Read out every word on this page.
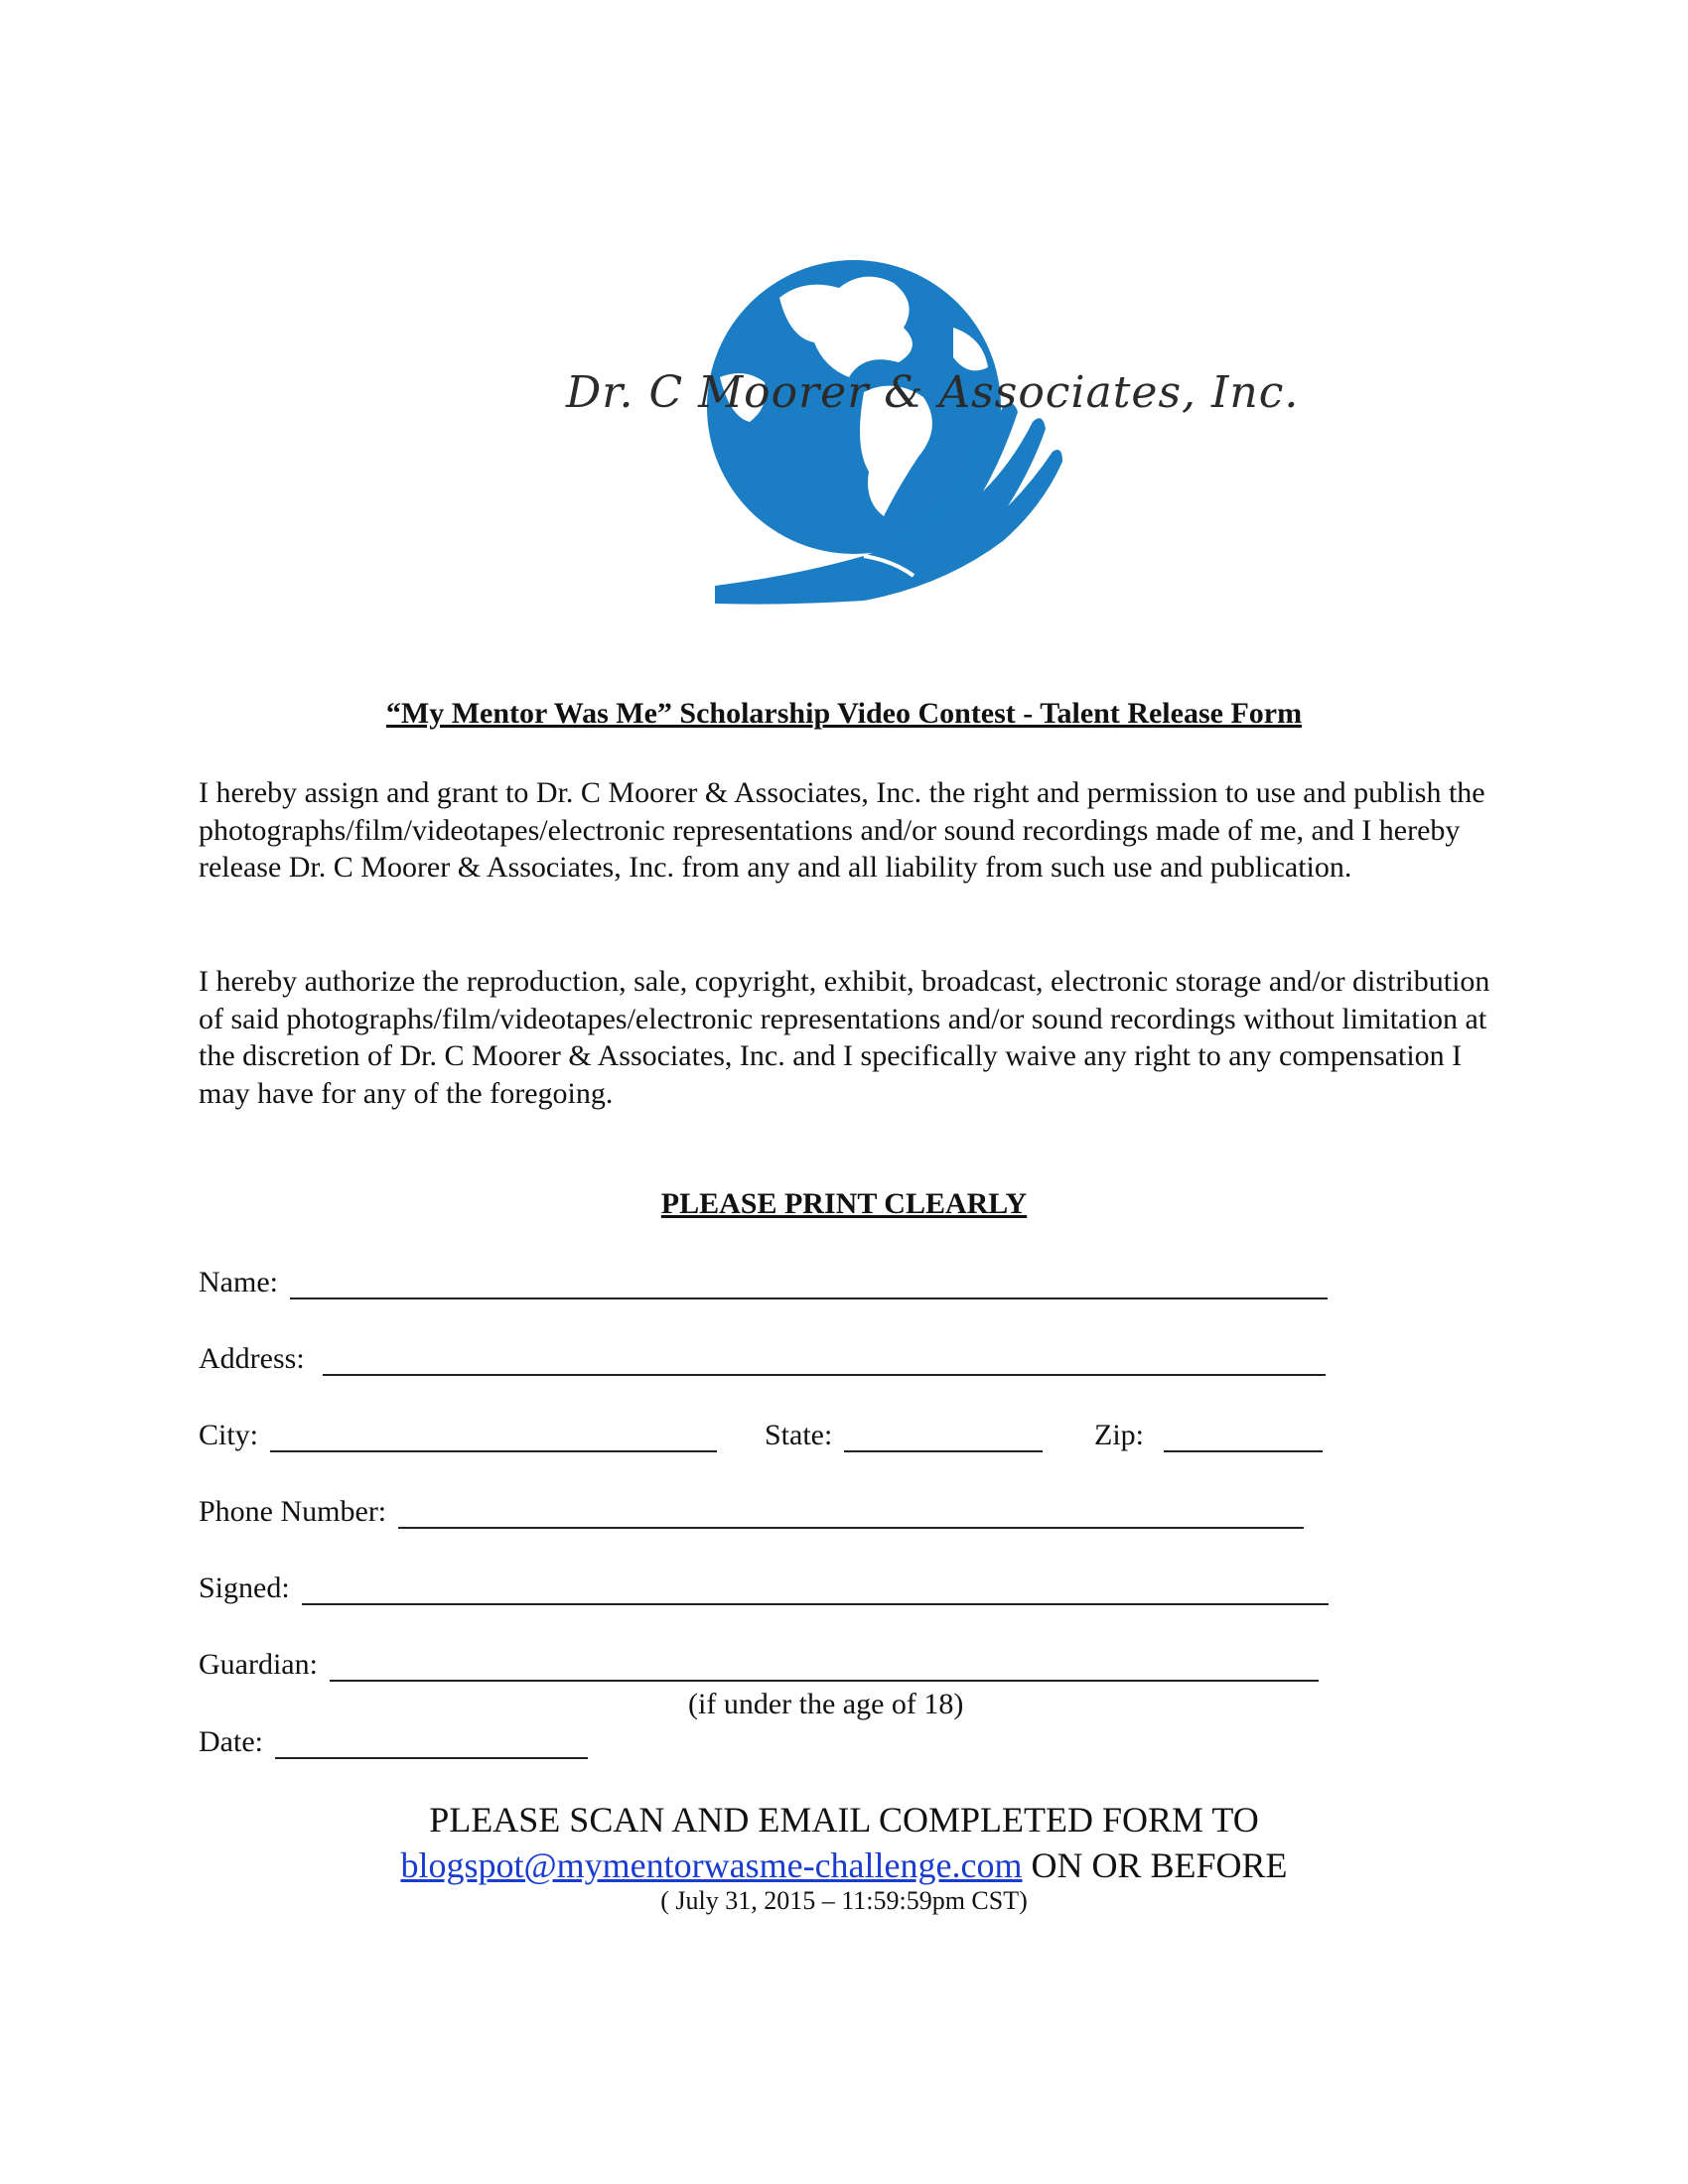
Dr. C Moorer & Associates, Inc.
“My Mentor Was Me” Scholarship Video Contest - Talent Release Form
I hereby assign and grant to Dr. C Moorer & Associates, Inc. the right and permission to use and publish the photographs/film/videotapes/electronic representations and/or sound recordings made of me, and I hereby release Dr. C Moorer & Associates, Inc. from any and all liability from such use and publication.
I hereby authorize the reproduction, sale, copyright, exhibit, broadcast, electronic storage and/or distribution of said photographs/film/videotapes/electronic representations and/or sound recordings without limitation at the discretion of Dr. C Moorer & Associates, Inc. and I specifically waive any right to any compensation I may have for any of the foregoing.
PLEASE PRINT CLEARLY
Name:
Address:
City:	State:	Zip:
Phone Number:
Signed:
Guardian:
(if under the age of 18)
Date:
PLEASE SCAN AND EMAIL COMPLETED FORM TO
blogspot@mymentorwasme-challenge.com ON OR BEFORE
( July 31, 2015 – 11:59:59pm CST)
